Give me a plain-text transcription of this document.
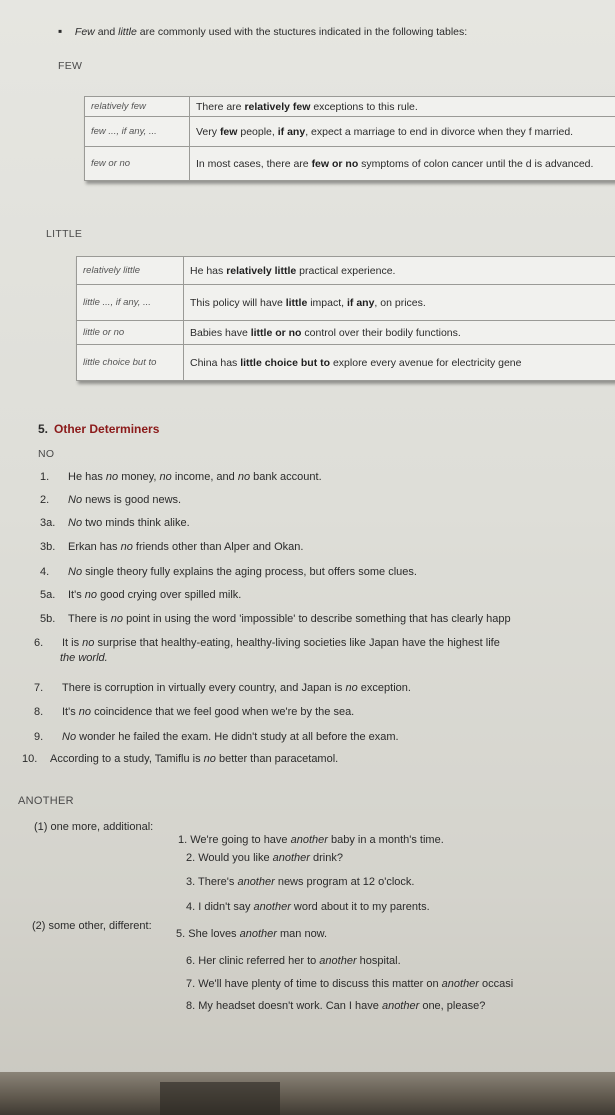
▪ Few and little are commonly used with the stuctures indicated in the following tables:
FEW
relatively few	There are relatively few exceptions to this rule.
few ..., if any, ...	Very few people, if any, expect a marriage to end in divorce when they f married.
few or no	In most cases, there are few or no symptoms of colon cancer until the d is advanced.
LITTLE
relatively little	He has relatively little practical experience.
little ..., if any, ...	This policy will have little impact, if any, on prices.
little or no	Babies have little or no control over their bodily functions.
little choice but to	China has little choice but to explore every avenue for electricity gene
5. Other Determiners
NO
1. He has no money, no income, and no bank account.
2. No news is good news.
3a. No two minds think alike.
3b. Erkan has no friends other than Alper and Okan.
4. No single theory fully explains the aging process, but offers some clues.
5a. It's no good crying over spilled milk.
5b. There is no point in using the word 'impossible' to describe something that has clearly happ
6. It is no surprise that healthy-eating, healthy-living societies like Japan have the highest life
7. There is corruption in virtually every country, and Japan is no exception.
8. It's no coincidence that we feel good when we're by the sea.
9. No wonder he failed the exam. He didn't study at all before the exam.
10. According to a study, Tamiflu is no better than paracetamol.
the world.
ANOTHER
(1) one more, additional:
(2) some other, different:
1. We're going to have another baby in a month's time.
2. Would you like another drink?
3. There's another news program at 12 o'clock.
4. I didn't say another word about it to my parents.
5. She loves another man now.
6. Her clinic referred her to another hospital.
7. We'll have plenty of time to discuss this matter on another occasi
8. My headset doesn't work. Can I have another one, please?
